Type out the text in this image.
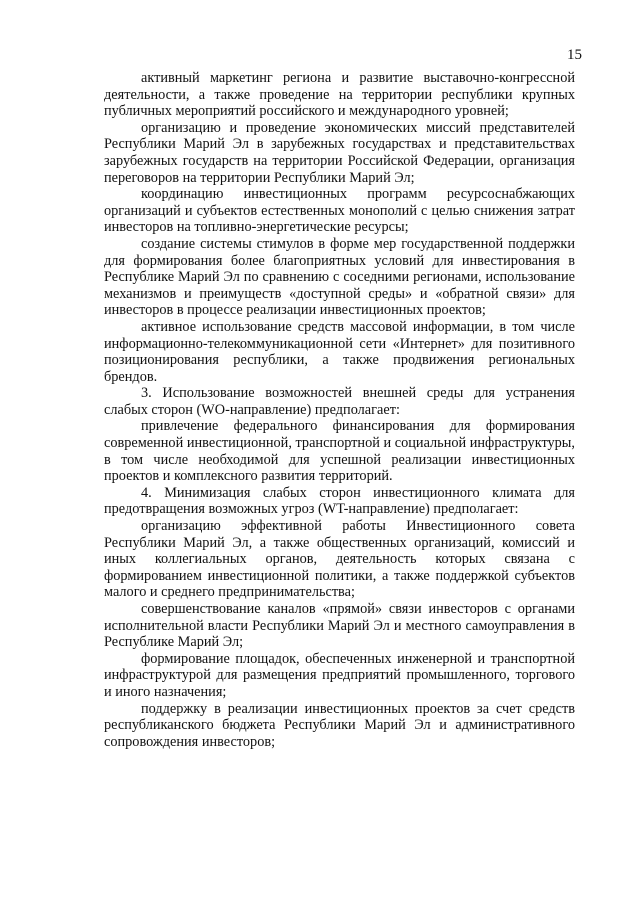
15

активный маркетинг региона и развитие выставочно-конгрессной деятельности, а также проведение на территории республики крупных публичных мероприятий российского и международного уровней;

организацию и проведение экономических миссий представителей Республики Марий Эл в зарубежных государствах и представительствах зарубежных государств на территории Российской Федерации, организация переговоров на территории Республики Марий Эл;

координацию инвестиционных программ ресурсоснабжающих организаций и субъектов естественных монополий с целью снижения затрат инвесторов на топливно-энергетические ресурсы;

создание системы стимулов в форме мер государственной поддержки для формирования более благоприятных условий для инвестирования в Республике Марий Эл по сравнению с соседними регионами, использование механизмов и преимуществ «доступной среды» и «обратной связи» для инвесторов в процессе реализации инвестиционных проектов;

активное использование средств массовой информации, в том числе информационно-телекоммуникационной сети «Интернет» для позитивного позиционирования республики, а также продвижения региональных брендов.

3. Использование возможностей внешней среды для устранения слабых сторон (WO-направление) предполагает:

привлечение федерального финансирования для формирования современной инвестиционной, транспортной и социальной инфраструктуры, в том числе необходимой для успешной реализации инвестиционных проектов и комплексного развития территорий.

4. Минимизация слабых сторон инвестиционного климата для предотвращения возможных угроз (WT-направление) предполагает:

организацию эффективной работы Инвестиционного совета Республики Марий Эл, а также общественных организаций, комиссий и иных коллегиальных органов, деятельность которых связана с формированием инвестиционной политики, а также поддержкой субъектов малого и среднего предпринимательства;

совершенствование каналов «прямой» связи инвесторов с органами исполнительной власти Республики Марий Эл и местного самоуправления в Республике Марий Эл;

формирование площадок, обеспеченных инженерной и транспортной инфраструктурой для размещения предприятий промышленного, торгового и иного назначения;

поддержку в реализации инвестиционных проектов за счет средств республиканского бюджета Республики Марий Эл и административного сопровождения инвесторов;
